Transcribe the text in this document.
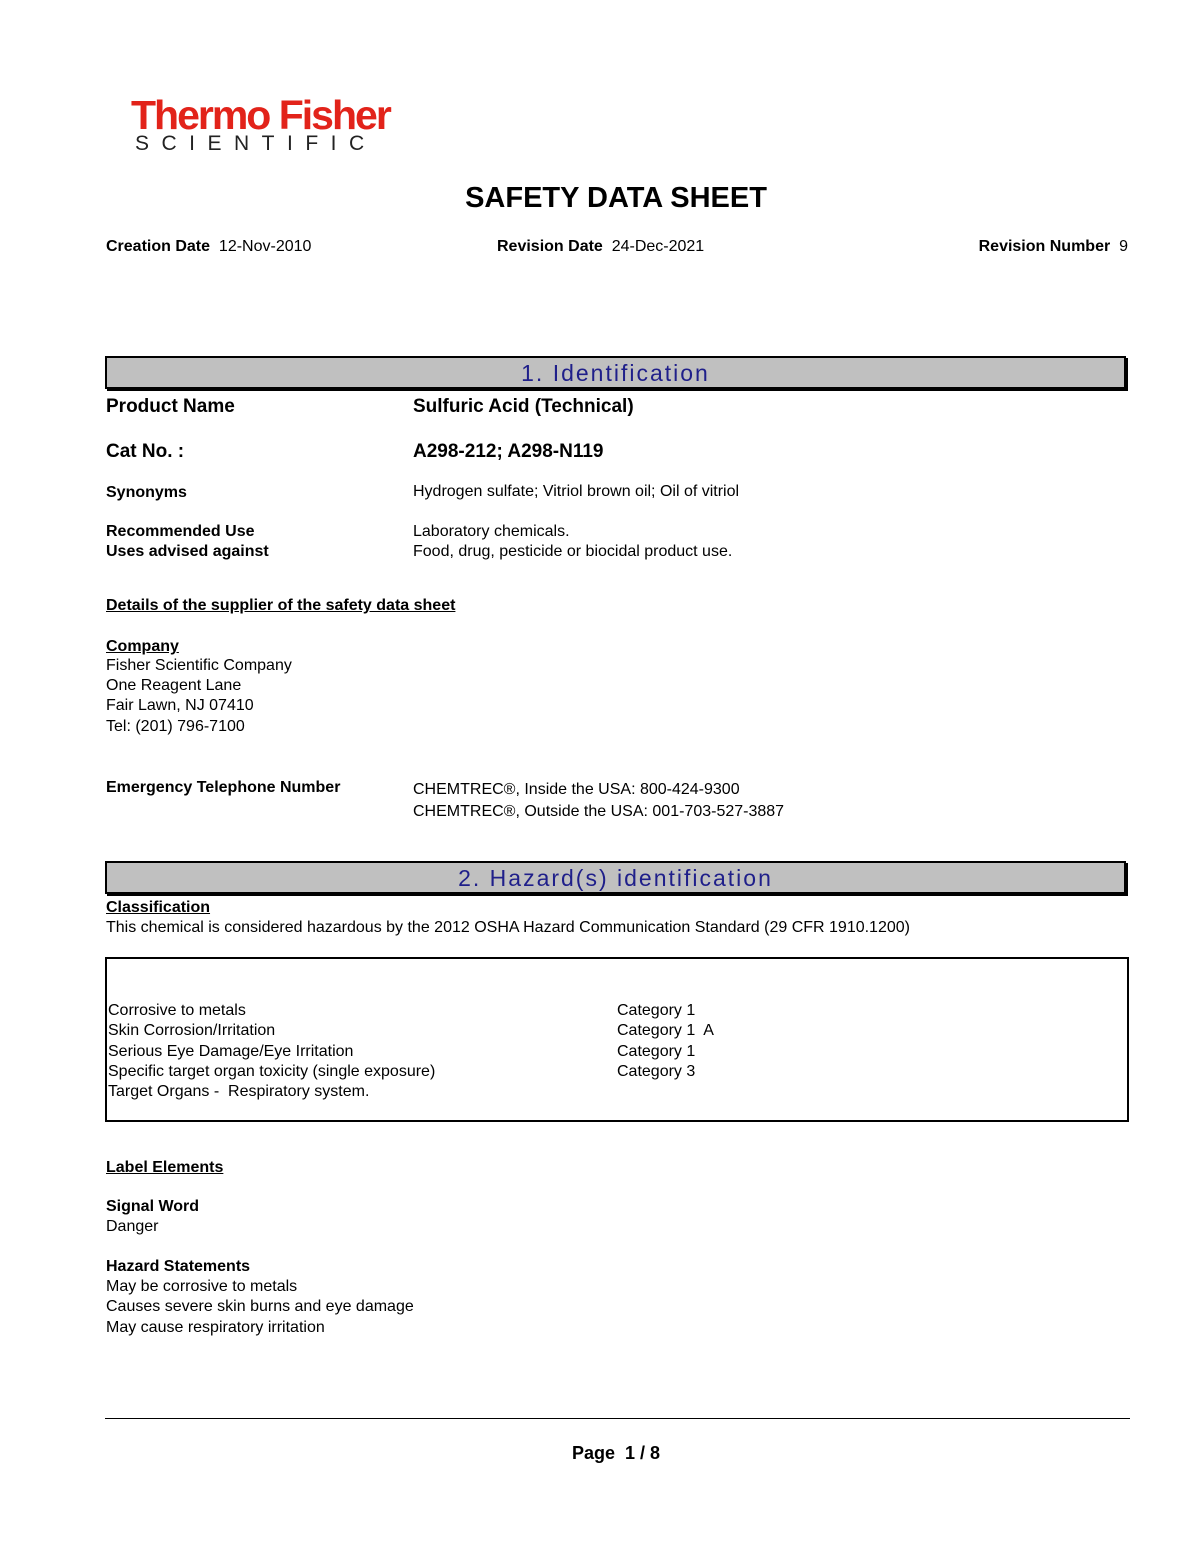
Thermo Fisher
SCIENTIFIC
SAFETY DATA SHEET
Creation Date 12-Nov-2010	Revision Date 24-Dec-2021	Revision Number 9
1. Identification
Product Name	Sulfuric Acid (Technical)
Cat No. :	A298-212; A298-N119
Synonyms	Hydrogen sulfate; Vitriol brown oil; Oil of vitriol
Recommended Use	Laboratory chemicals.
Uses advised against	Food, drug, pesticide or biocidal product use.
Details of the supplier of the safety data sheet
Company
Fisher Scientific Company
One Reagent Lane
Fair Lawn, NJ 07410
Tel: (201) 796-7100
Emergency Telephone Number	CHEMTREC®, Inside the USA: 800-424-9300
CHEMTREC®, Outside the USA: 001-703-527-3887
2. Hazard(s) identification
Classification
This chemical is considered hazardous by the 2012 OSHA Hazard Communication Standard (29 CFR 1910.1200)
Corrosive to metals	Category 1
Skin Corrosion/Irritation	Category 1  A
Serious Eye Damage/Eye Irritation	Category 1
Specific target organ toxicity (single exposure)	Category 3
Target Organs -  Respiratory system.
Label Elements
Signal Word
Danger
Hazard Statements
May be corrosive to metals
Causes severe skin burns and eye damage
May cause respiratory irritation
Page  1 / 8
